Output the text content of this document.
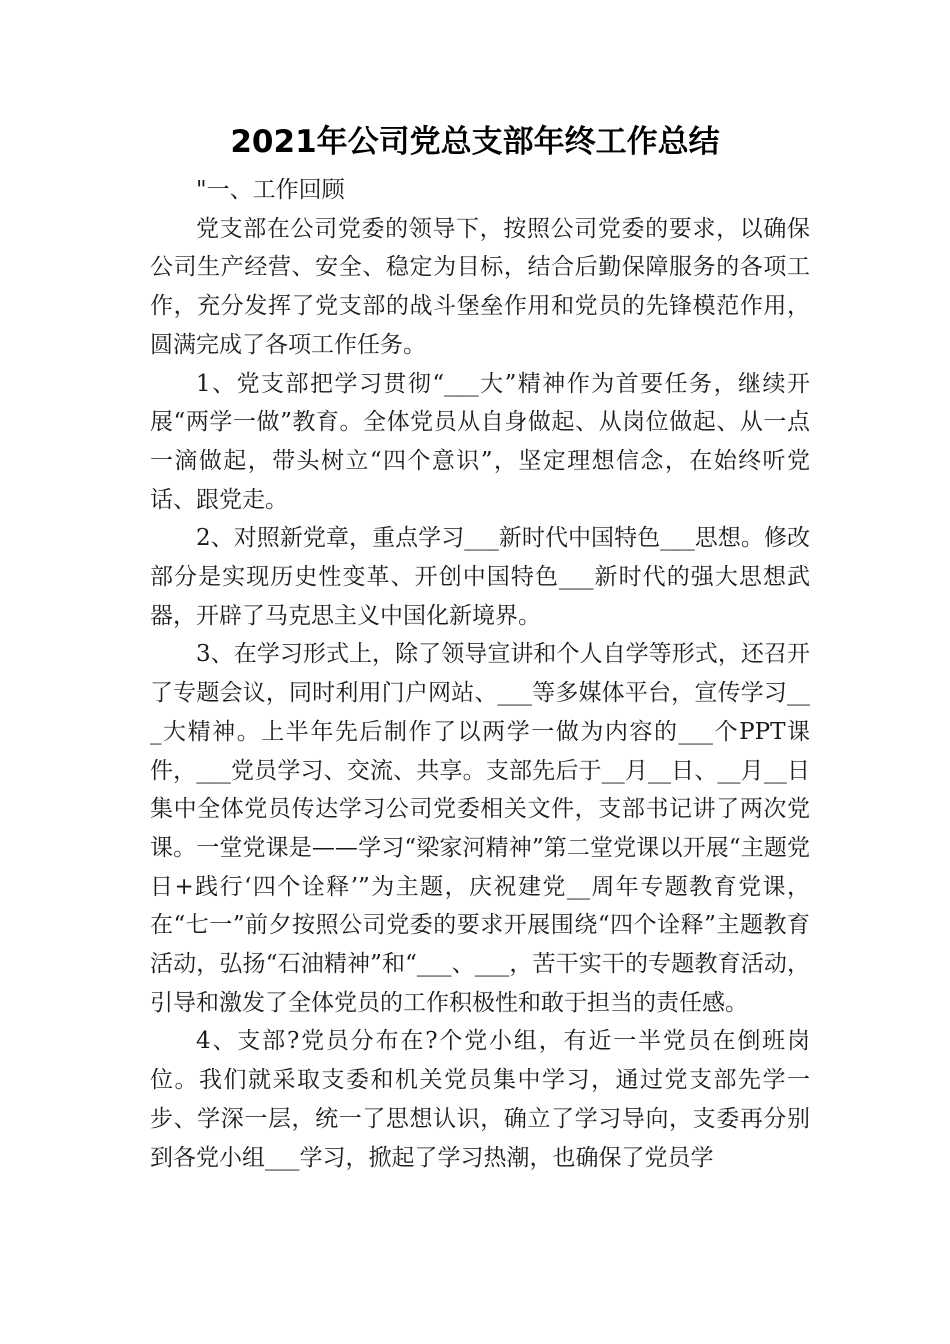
2021年公司党总支部年终工作总结

"一、工作回顾

党支部在公司党委的领导下，按照公司党委的要求，以确保公司生产经营、安全、稳定为目标，结合后勤保障服务的各项工作，充分发挥了党支部的战斗堡垒作用和党员的先锋模范作用，圆满完成了各项工作任务。

1、党支部把学习贯彻“___大”精神作为首要任务，继续开展“两学一做”教育。全体党员从自身做起、从岗位做起、从一点一滴做起，带头树立“四个意识”，坚定理想信念，在始终听党话、跟党走。

2、对照新党章，重点学习___新时代中国特色___思想。修改部分是实现历史性变革、开创中国特色___新时代的强大思想武器，开辟了马克思主义中国化新境界。

3、在学习形式上，除了领导宣讲和个人自学等形式，还召开了专题会议，同时利用门户网站、___等多媒体平台，宣传学习___大精神。上半年先后制作了以两学一做为内容的___个PPT课件，___党员学习、交流、共享。支部先后于__月__日、__月__日集中全体党员传达学习公司党委相关文件，支部书记讲了两次党课。一堂党课是——学习“梁家河精神”第二堂党课以开展“主题党日+践行‘四个诠释’”为主题，庆祝建党__周年专题教育党课，在“七一”前夕按照公司党委的要求开展围绕“四个诠释”主题教育活动，弘扬“石油精神”和“___、___，苦干实干的专题教育活动，引导和激发了全体党员的工作积极性和敢于担当的责任感。

4、支部?党员分布在?个党小组，有近一半党员在倒班岗位。我们就采取支委和机关党员集中学习，通过党支部先学一步、学深一层，统一了思想认识，确立了学习导向，支委再分别到各党小组___学习，掀起了学习热潮，也确保了党员学
